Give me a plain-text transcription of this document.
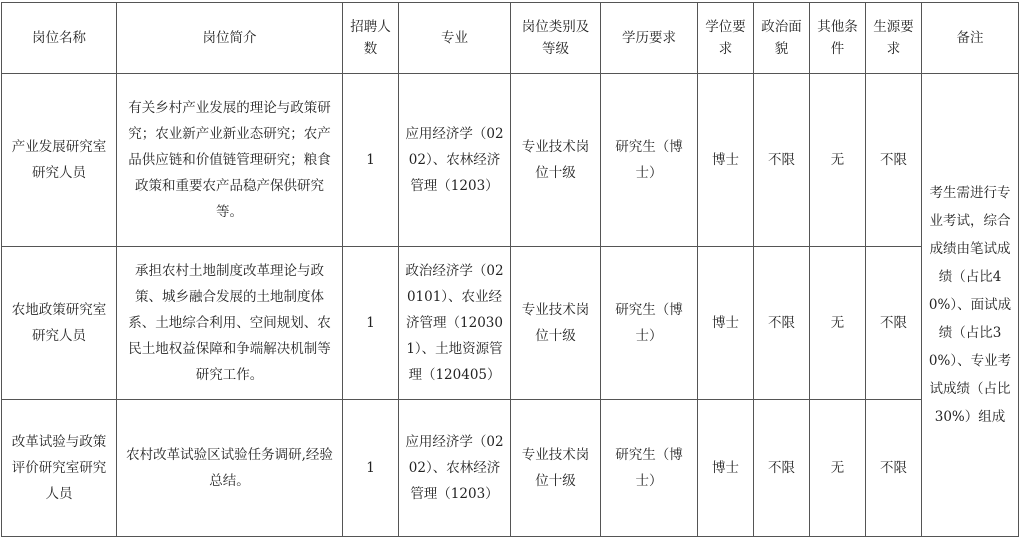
岗位名称	岗位简介	招聘人数	专业	岗位类别及等级	学历要求	学位要求	政治面貌	其他条件	生源要求	备注
产业发展研究室研究人员	有关乡村产业发展的理论与政策研究；农业新产业新业态研究；农产品供应链和价值链管理研究；粮食政策和重要农产品稳产保供研究等。	1	应用经济学（0202）、农林经济管理（1203）	专业技术岗位十级	研究生（博士）	博士	不限	无	不限	考生需进行专业考试，综合成绩由笔试成绩（占比40%）、面试成绩（占比30%）、专业考试成绩（占比30%）组成
农地政策研究室研究人员	承担农村土地制度改革理论与政策、城乡融合发展的土地制度体系、土地综合利用、空间规划、农民土地权益保障和争端解决机制等研究工作。	1	政治经济学（020101）、农业经济管理（120301）、土地资源管理（120405）	专业技术岗位十级	研究生（博士）	博士	不限	无	不限	
改革试验与政策评价研究室研究人员	农村改革试验区试验任务调研,经验总结。	1	应用经济学（0202）、农林经济管理（1203）	专业技术岗位十级	研究生（博士）	博士	不限	无	不限	
